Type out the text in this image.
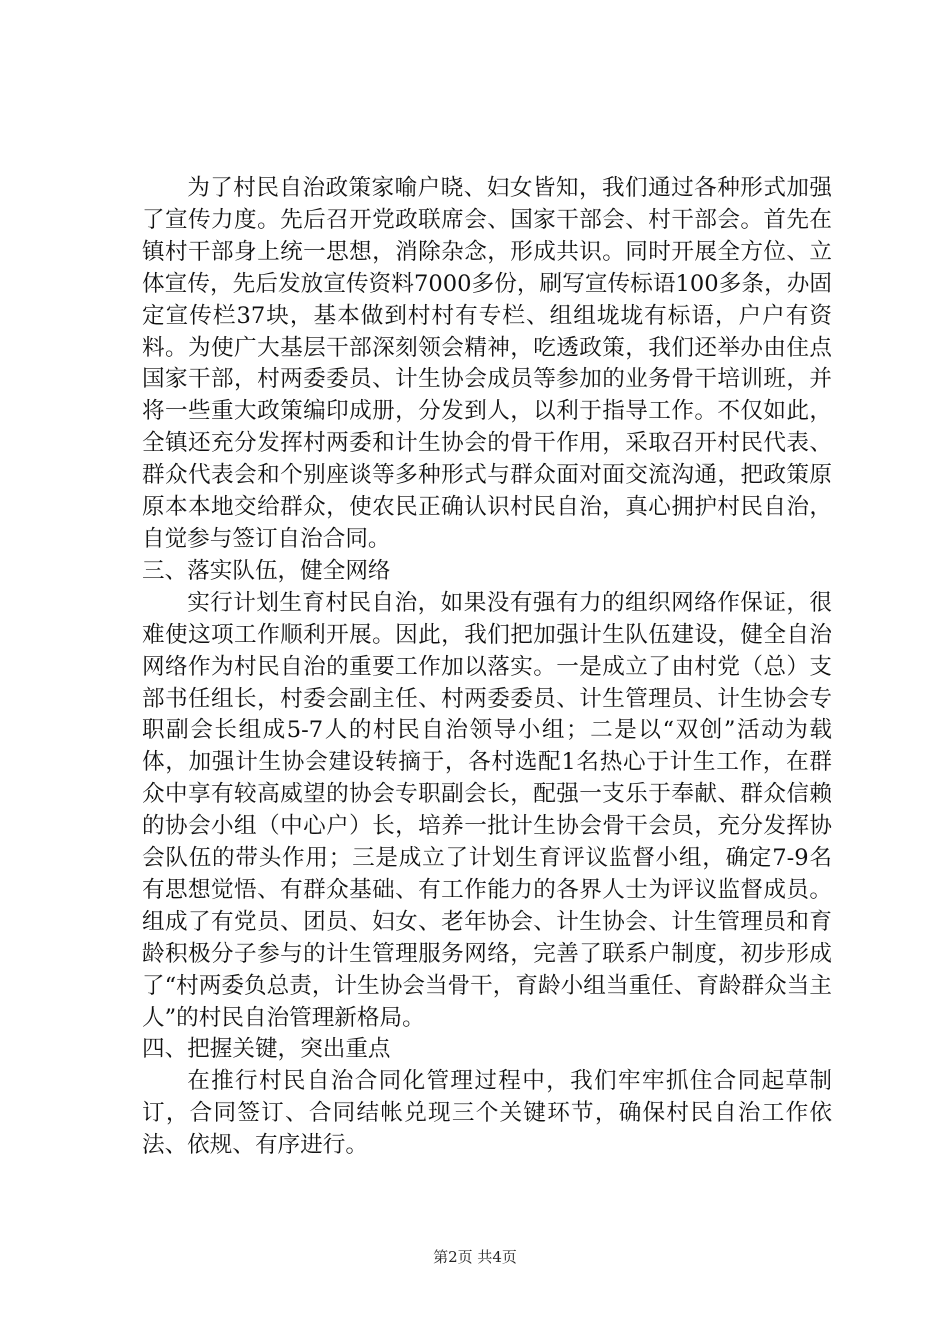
为了村民自治政策家喻户晓、妇女皆知，我们通过各种形式加强了宣传力度。先后召开党政联席会、国家干部会、村干部会。首先在镇村干部身上统一思想，消除杂念，形成共识。同时开展全方位、立体宣传，先后发放宣传资料7000多份，刷写宣传标语100多条，办固定宣传栏37块，基本做到村村有专栏、组组垅垅有标语，户户有资料。为使广大基层干部深刻领会精神，吃透政策，我们还举办由住点国家干部，村两委委员、计生协会成员等参加的业务骨干培训班，并将一些重大政策编印成册，分发到人，以利于指导工作。不仅如此，全镇还充分发挥村两委和计生协会的骨干作用，采取召开村民代表、群众代表会和个别座谈等多种形式与群众面对面交流沟通，把政策原原本本地交给群众，使农民正确认识村民自治，真心拥护村民自治，自觉参与签订自治合同。

三、落实队伍，健全网络

实行计划生育村民自治，如果没有强有力的组织网络作保证，很难使这项工作顺利开展。因此，我们把加强计生队伍建设，健全自治网络作为村民自治的重要工作加以落实。一是成立了由村党（总）支部书任组长，村委会副主任、村两委委员、计生管理员、计生协会专职副会长组成5-7人的村民自治领导小组；二是以“双创”活动为载体，加强计生协会建设转摘于，各村选配1名热心于计生工作，在群众中享有较高威望的协会专职副会长，配强一支乐于奉献、群众信赖的协会小组（中心户）长，培养一批计生协会骨干会员，充分发挥协会队伍的带头作用；三是成立了计划生育评议监督小组，确定7-9名有思想觉悟、有群众基础、有工作能力的各界人士为评议监督成员。组成了有党员、团员、妇女、老年协会、计生协会、计生管理员和育龄积极分子参与的计生管理服务网络，完善了联系户制度，初步形成了“村两委负总责，计生协会当骨干，育龄小组当重任、育龄群众当主人”的村民自治管理新格局。

四、把握关键，突出重点

在推行村民自治合同化管理过程中，我们牢牢抓住合同起草制订，合同签订、合同结帐兑现三个关键环节，确保村民自治工作依法、依规、有序进行。

第2页 共4页
